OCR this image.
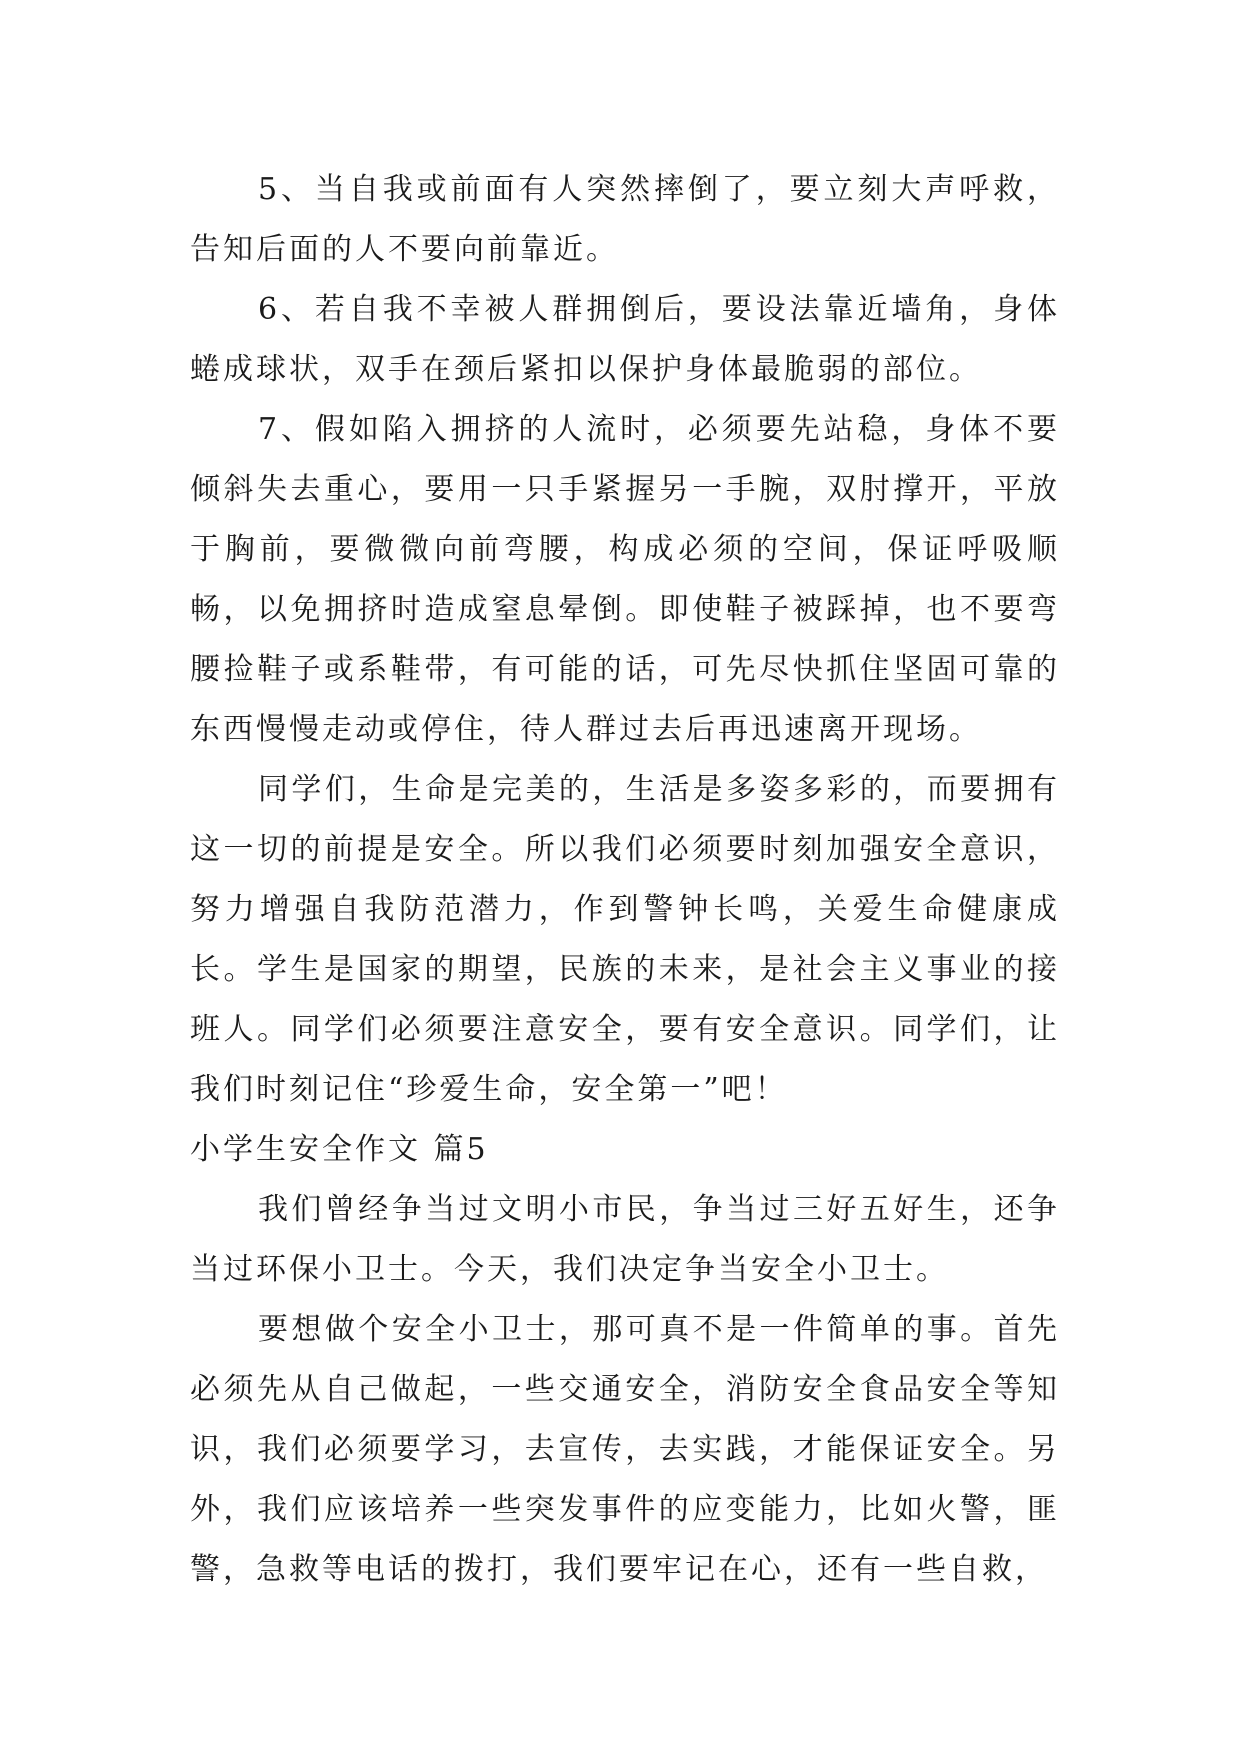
5、当自我或前面有人突然摔倒了，要立刻大声呼救，告知后面的人不要向前靠近。

6、若自我不幸被人群拥倒后，要设法靠近墙角，身体蜷成球状，双手在颈后紧扣以保护身体最脆弱的部位。

7、假如陷入拥挤的人流时，必须要先站稳，身体不要倾斜失去重心，要用一只手紧握另一手腕，双肘撑开，平放于胸前，要微微向前弯腰，构成必须的空间，保证呼吸顺畅，以免拥挤时造成窒息晕倒。即使鞋子被踩掉，也不要弯腰捡鞋子或系鞋带，有可能的话，可先尽快抓住坚固可靠的东西慢慢走动或停住，待人群过去后再迅速离开现场。

同学们，生命是完美的，生活是多姿多彩的，而要拥有这一切的前提是安全。所以我们必须要时刻加强安全意识，努力增强自我防范潜力，作到警钟长鸣，关爱生命健康成长。学生是国家的期望，民族的未来，是社会主义事业的接班人。同学们必须要注意安全，要有安全意识。同学们，让我们时刻记住“珍爱生命，安全第一”吧！

小学生安全作文 篇5

我们曾经争当过文明小市民，争当过三好五好生，还争当过环保小卫士。今天，我们决定争当安全小卫士。

要想做个安全小卫士，那可真不是一件简单的事。首先必须先从自己做起，一些交通安全，消防安全食品安全等知识，我们必须要学习，去宣传，去实践，才能保证安全。另外，我们应该培养一些突发事件的应变能力，比如火警，匪警，急救等电话的拨打，我们要牢记在心，还有一些自救，
